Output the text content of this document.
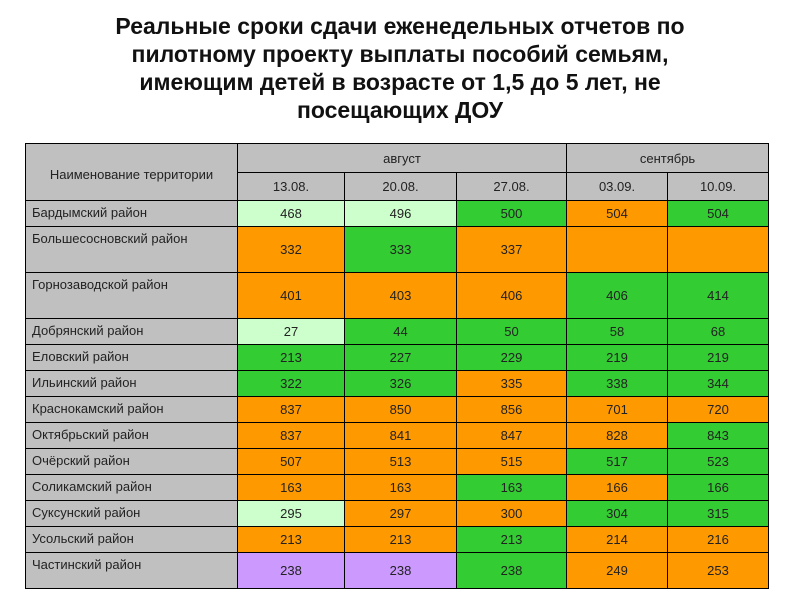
Реальные сроки сдачи еженедельных отчетов по
пилотному проекту выплаты пособий семьям,
имеющим детей в возрасте от 1,5 до 5 лет, не
посещающих ДОУ
Наименование территории	август			сентябрь	
	13.08.	20.08.	27.08.	03.09.	10.09.
Бардымский район	468	496	500	504	504
Большесосновский район	332	333	337		
Горнозаводской район	401	403	406	406	414
Добрянский район	27	44	50	58	68
Еловский район	213	227	229	219	219
Ильинский район	322	326	335	338	344
Краснокамский район	837	850	856	701	720
Октябрьский район	837	841	847	828	843
Очёрский район	507	513	515	517	523
Соликамский район	163	163	163	166	166
Суксунский район	295	297	300	304	315
Усольский район	213	213	213	214	216
Частинский район	238	238	238	249	253
